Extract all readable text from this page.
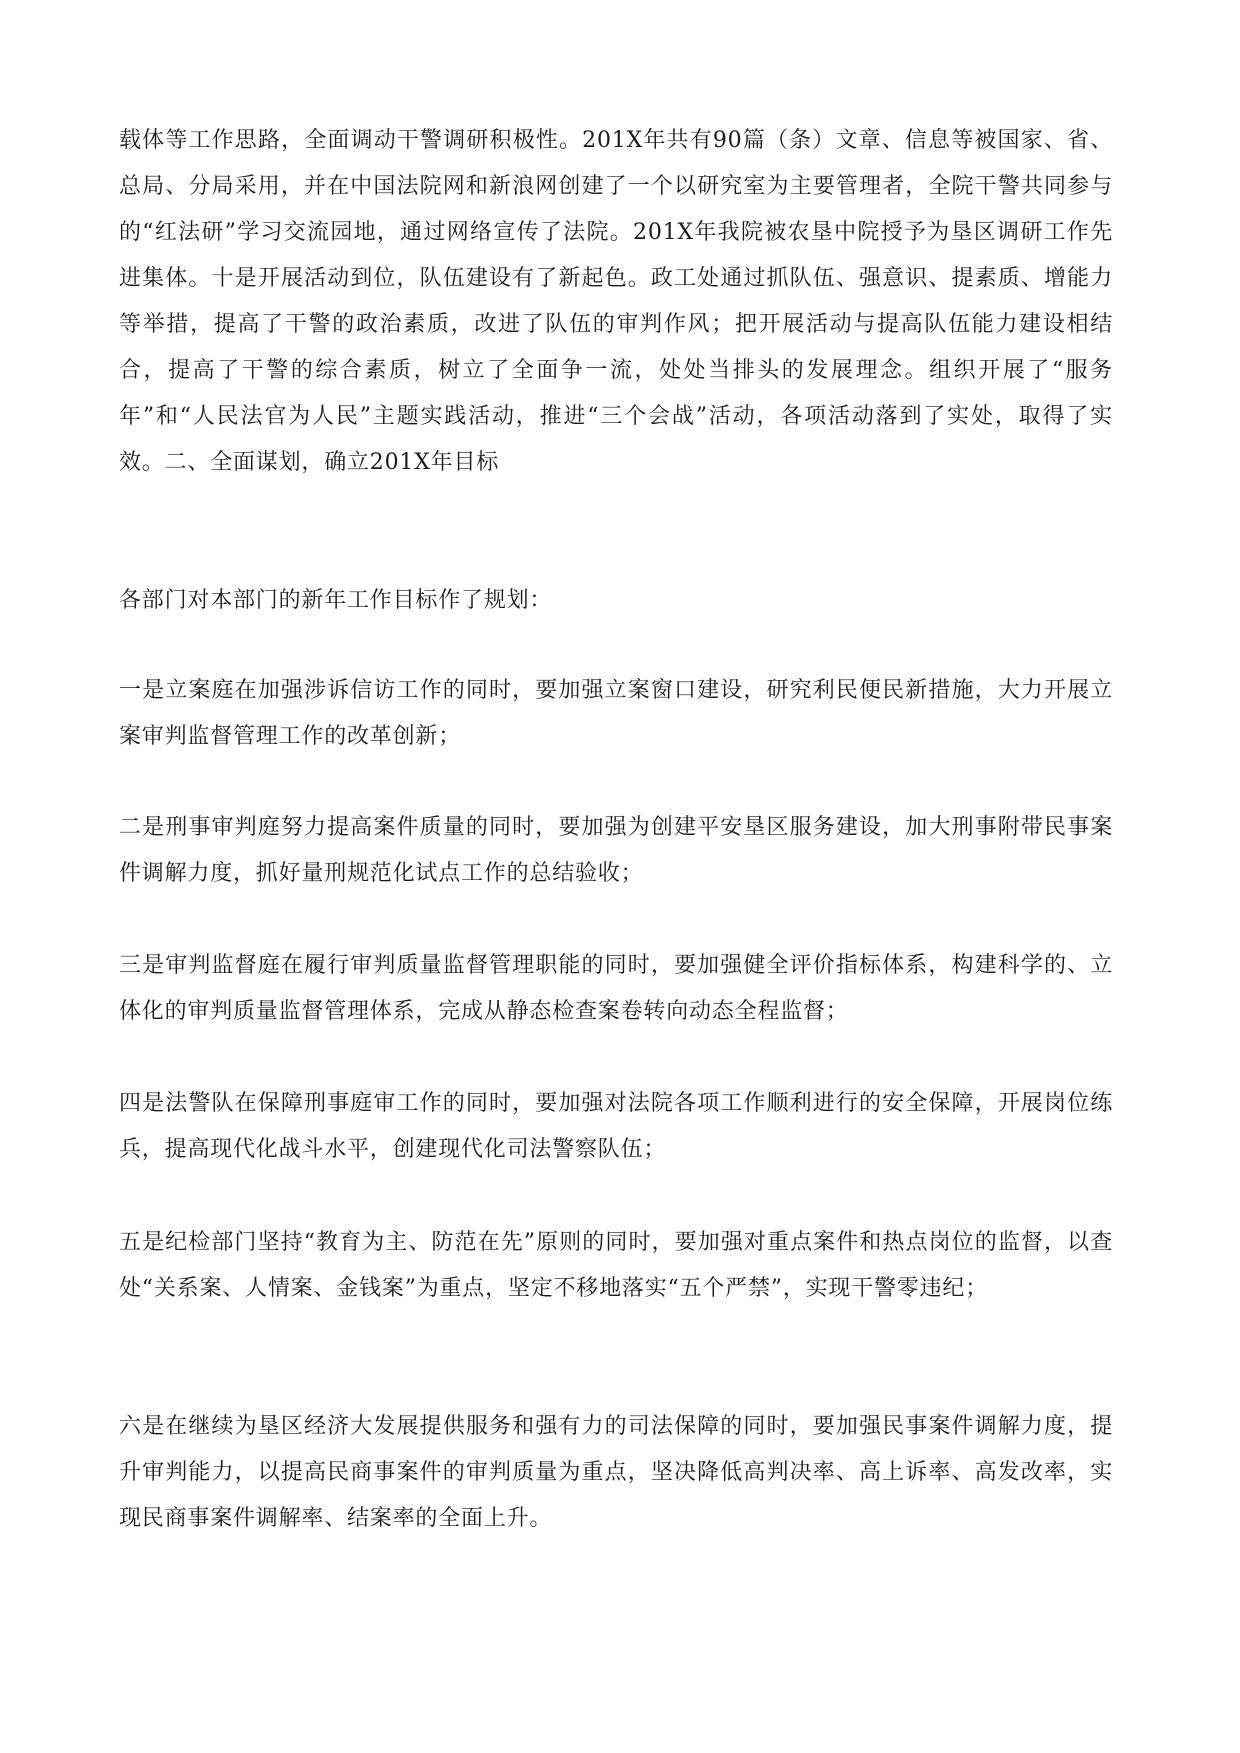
载体等工作思路，全面调动干警调研积极性。201X年共有90篇（条）文章、信息等被国家、省、总局、分局采用，并在中国法院网和新浪网创建了一个以研究室为主要管理者，全院干警共同参与的“红法研”学习交流园地，通过网络宣传了法院。201X年我院被农垦中院授予为垦区调研工作先进集体。十是开展活动到位，队伍建设有了新起色。政工处通过抓队伍、强意识、提素质、增能力等举措，提高了干警的政治素质，改进了队伍的审判作风；把开展活动与提高队伍能力建设相结合，提高了干警的综合素质，树立了全面争一流，处处当排头的发展理念。组织开展了“服务年”和“人民法官为人民”主题实践活动，推进“三个会战”活动，各项活动落到了实处，取得了实效。二、全面谋划，确立201X年目标

各部门对本部门的新年工作目标作了规划：

一是立案庭在加强涉诉信访工作的同时，要加强立案窗口建设，研究利民便民新措施，大力开展立案审判监督管理工作的改革创新；

二是刑事审判庭努力提高案件质量的同时，要加强为创建平安垦区服务建设，加大刑事附带民事案件调解力度，抓好量刑规范化试点工作的总结验收；

三是审判监督庭在履行审判质量监督管理职能的同时，要加强健全评价指标体系，构建科学的、立体化的审判质量监督管理体系，完成从静态检查案卷转向动态全程监督；

四是法警队在保障刑事庭审工作的同时，要加强对法院各项工作顺利进行的安全保障，开展岗位练兵，提高现代化战斗水平，创建现代化司法警察队伍；

五是纪检部门坚持“教育为主、防范在先”原则的同时，要加强对重点案件和热点岗位的监督，以查处“关系案、人情案、金钱案”为重点，坚定不移地落实“五个严禁”，实现干警零违纪；

六是在继续为垦区经济大发展提供服务和强有力的司法保障的同时，要加强民事案件调解力度，提升审判能力，以提高民商事案件的审判质量为重点，坚决降低高判决率、高上诉率、高发改率，实现民商事案件调解率、结案率的全面上升。
